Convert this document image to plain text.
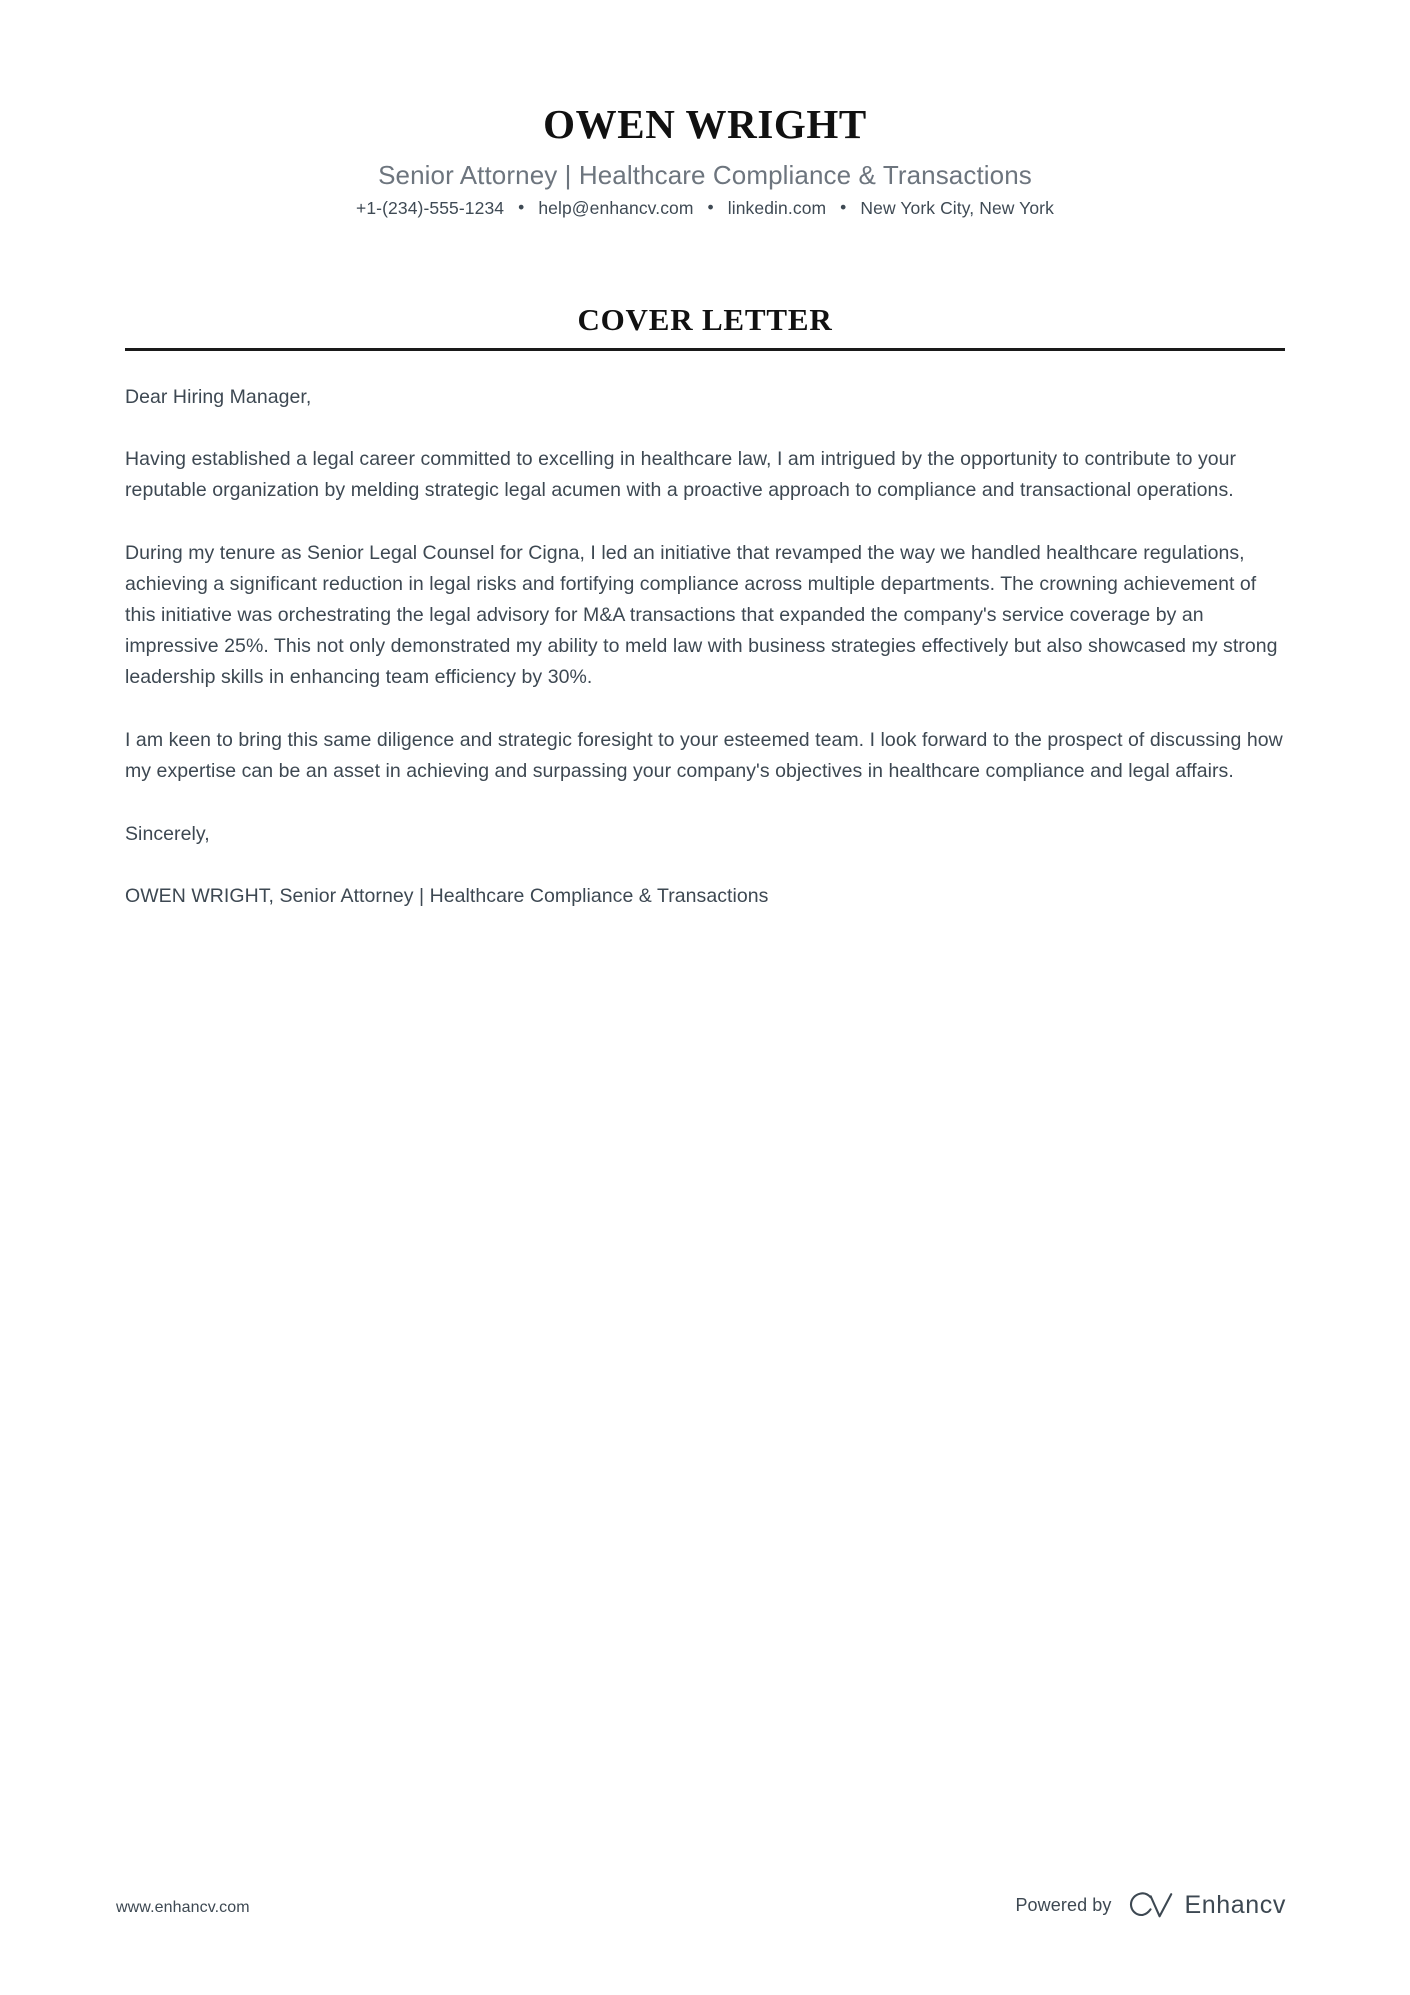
OWEN WRIGHT
Senior Attorney | Healthcare Compliance & Transactions
+1-(234)-555-1234 • help@enhancv.com • linkedin.com • New York City, New York
COVER LETTER

Dear Hiring Manager,

Having established a legal career committed to excelling in healthcare law, I am intrigued by the opportunity to contribute to your reputable organization by melding strategic legal acumen with a proactive approach to compliance and transactional operations.

During my tenure as Senior Legal Counsel for Cigna, I led an initiative that revamped the way we handled healthcare regulations, achieving a significant reduction in legal risks and fortifying compliance across multiple departments. The crowning achievement of this initiative was orchestrating the legal advisory for M&A transactions that expanded the company's service coverage by an impressive 25%. This not only demonstrated my ability to meld law with business strategies effectively but also showcased my strong leadership skills in enhancing team efficiency by 30%.

I am keen to bring this same diligence and strategic foresight to your esteemed team. I look forward to the prospect of discussing how my expertise can be an asset in achieving and surpassing your company's objectives in healthcare compliance and legal affairs.

Sincerely,

OWEN WRIGHT, Senior Attorney | Healthcare Compliance & Transactions

www.enhancv.com	Powered by	Enhancv
